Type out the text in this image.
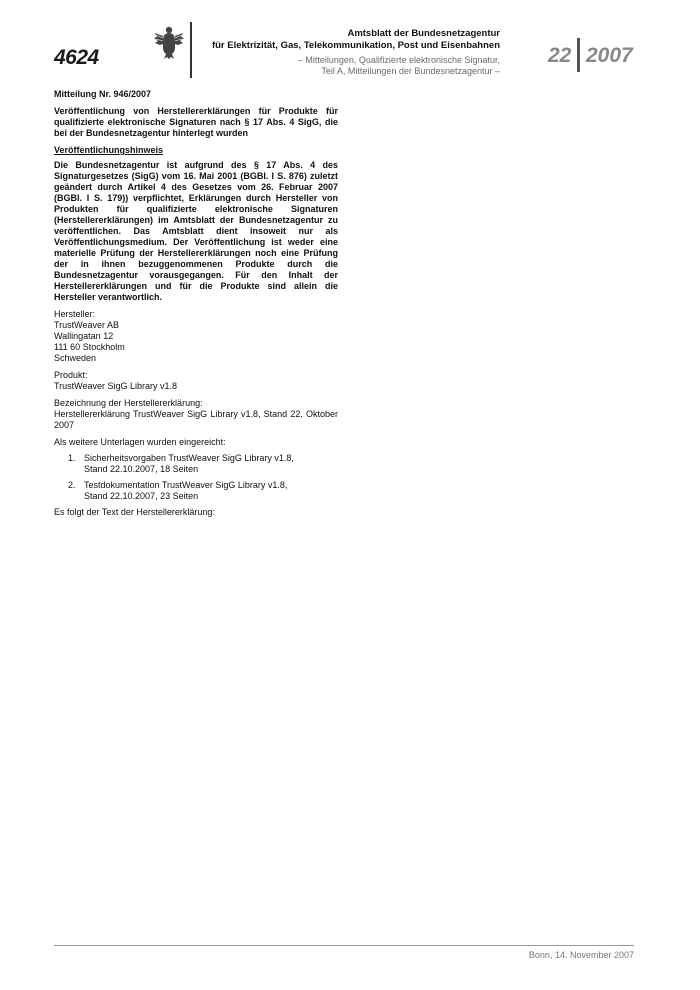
4624
Amtsblatt der Bundesnetzagentur
für Elektrizität, Gas, Telekommunikation, Post und Eisenbahnen
– Mitteilungen, Qualifizierte elektronische Signatur,
Teil A, Mitteilungen der Bundesnetzagentur –
22 2007

Mitteilung Nr. 946/2007

Veröffentlichung von Herstellererklärungen für Produkte für qualifizierte elektronische Signaturen nach § 17 Abs. 4 SigG, die bei der Bundesnetzagentur hinterlegt wurden

Veröffentlichungshinweis

Die Bundesnetzagentur ist aufgrund des § 17 Abs. 4 des Signaturgesetzes (SigG) vom 16. Mai 2001 (BGBl. I S. 876) zuletzt geändert durch Artikel 4 des Gesetzes vom 26. Februar 2007 (BGBl. I S. 179)) verpflichtet, Erklärungen durch Hersteller von Produkten für qualifizierte elektronische Signaturen (Herstellererklärungen) im Amtsblatt der Bundesnetzagentur zu veröffentlichen. Das Amtsblatt dient insoweit nur als Veröffentlichungsmedium. Der Veröffentlichung ist weder eine materielle Prüfung der Herstellererklärungen noch eine Prüfung der in ihnen bezuggenommenen Produkte durch die Bundesnetzagentur vorausgegangen. Für den Inhalt der Herstellererklärungen und für die Produkte sind allein die Hersteller verantwortlich.

Hersteller:

TrustWeaver AB

Wallingatan 12

111 60 Stockholm

Schweden

Produkt:

TrustWeaver SigG Library v1.8

Bezeichnung der Herstellererklärung:

Herstellererklärung TrustWeaver SigG Library v1.8, Stand 22. Oktober 2007

Als weitere Unterlagen wurden eingereicht:

1. Sicherheitsvorgaben TrustWeaver SigG Library v1.8,
Stand 22.10.2007, 18 Seiten
2. Testdokumentation TrustWeaver SigG Library v1.8,
Stand 22.10.2007, 23 Seiten

Es folgt der Text der Herstellererklärung:

Bonn, 14. November 2007
